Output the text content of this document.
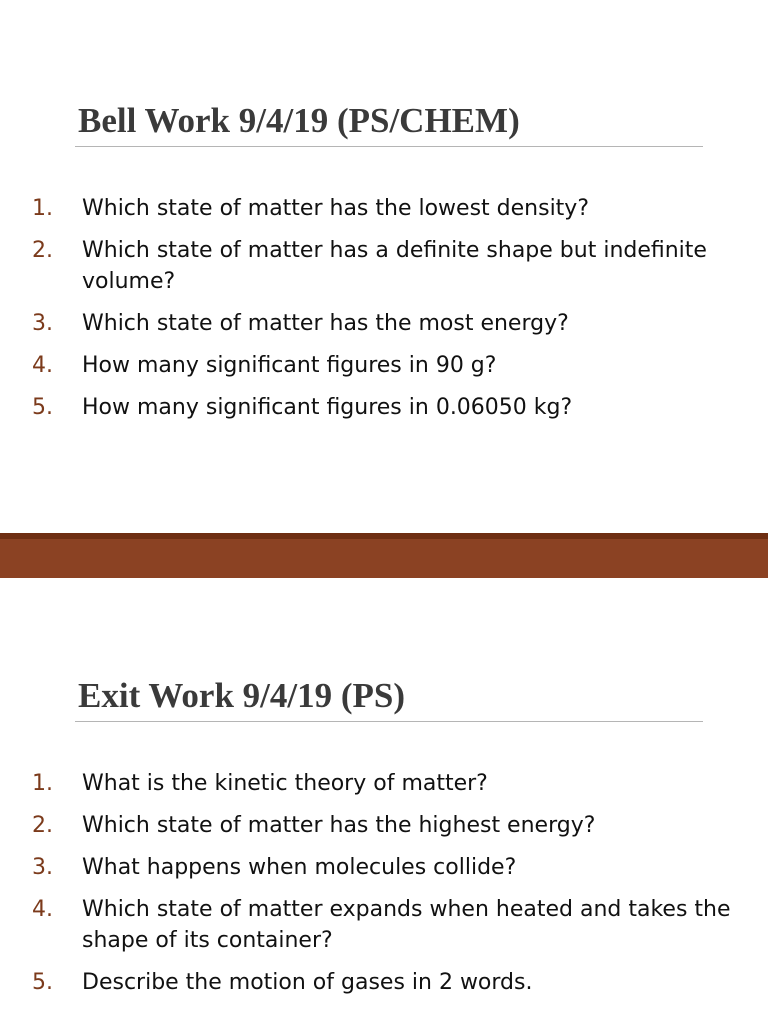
Bell Work 9/4/19 (PS/CHEM)
1.	Which state of matter has the lowest density?
2.	Which state of matter has a definite shape but indefinite volume?
3.	Which state of matter has the most energy?
4.	How many significant figures in 90 g?
5.	How many significant figures in 0.06050 kg?
Exit Work 9/4/19 (PS)
1.	What is the kinetic theory of matter?
2.	Which state of matter has the highest energy?
3.	What happens when molecules collide?
4.	Which state of matter expands when heated and takes the shape of its container?
5.	Describe the motion of gases in 2 words.
